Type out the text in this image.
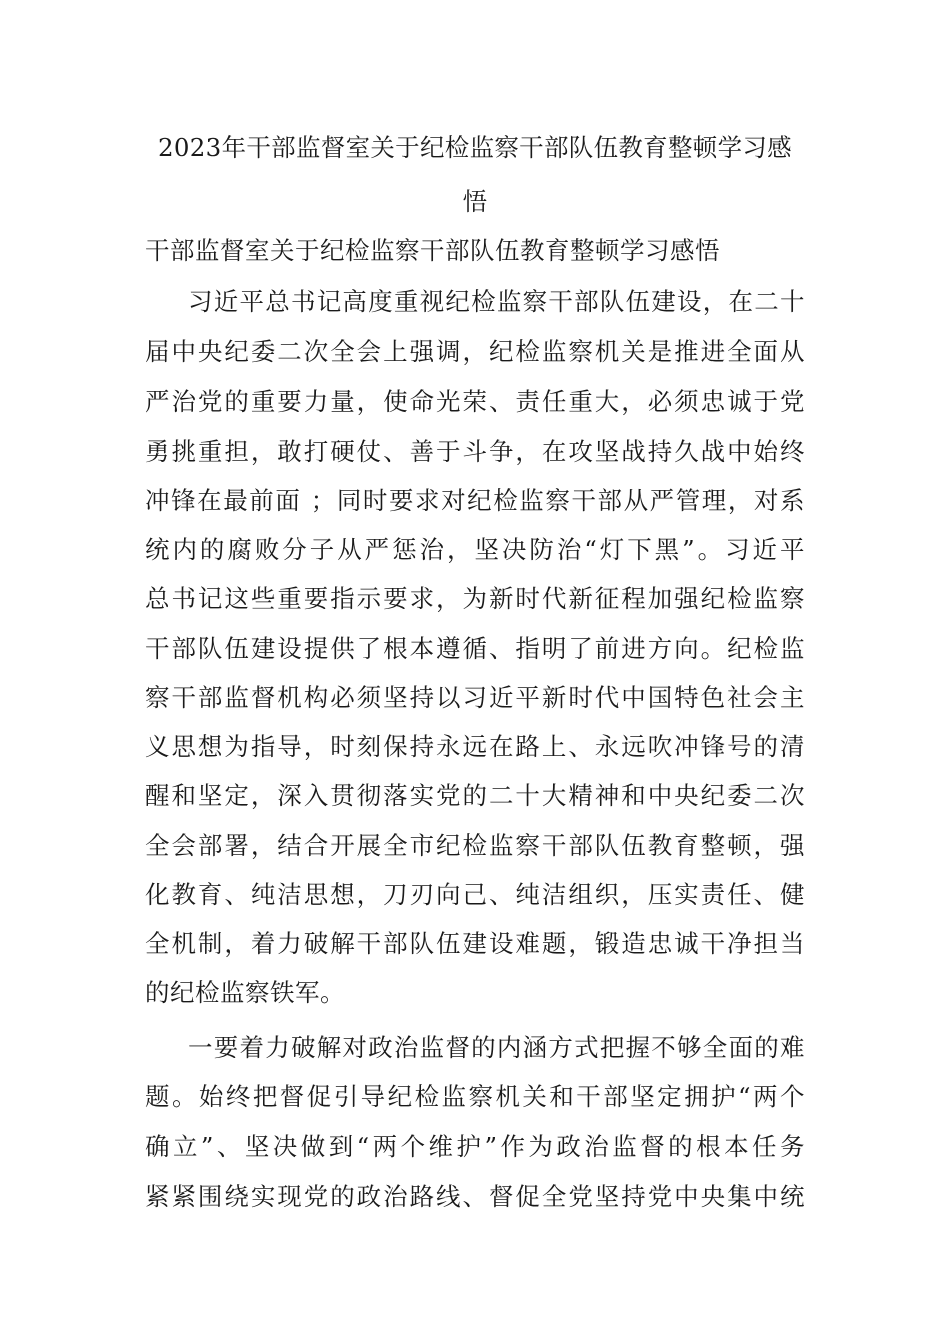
2023年干部监督室关于纪检监察干部队伍教育整顿学习感
悟
干部监督室关于纪检监察干部队伍教育整顿学习感悟
习近平总书记高度重视纪检监察干部队伍建设，在二十
届中央纪委二次全会上强调，纪检监察机关是推进全面从
严治党的重要力量，使命光荣、责任重大，必须忠诚于党
勇挑重担，敢打硬仗、善于斗争，在攻坚战持久战中始终
冲锋在最前面 ；同时要求对纪检监察干部从严管理，对系
统内的腐败分子从严惩治，坚决防治“灯下黑”。习近平
总书记这些重要指示要求，为新时代新征程加强纪检监察
干部队伍建设提供了根本遵循、指明了前进方向。纪检监
察干部监督机构必须坚持以习近平新时代中国特色社会主
义思想为指导，时刻保持永远在路上、永远吹冲锋号的清
醒和坚定，深入贯彻落实党的二十大精神和中央纪委二次
全会部署，结合开展全市纪检监察干部队伍教育整顿，强
化教育、纯洁思想，刀刃向己、纯洁组织，压实责任、健
全机制，着力破解干部队伍建设难题，锻造忠诚干净担当
的纪检监察铁军。
一要着力破解对政治监督的内涵方式把握不够全面的难
题。始终把督促引导纪检监察机关和干部坚定拥护“两个
确立”、坚决做到“两个维护”作为政治监督的根本任务
紧紧围绕实现党的政治路线、督促全党坚持党中央集中统
